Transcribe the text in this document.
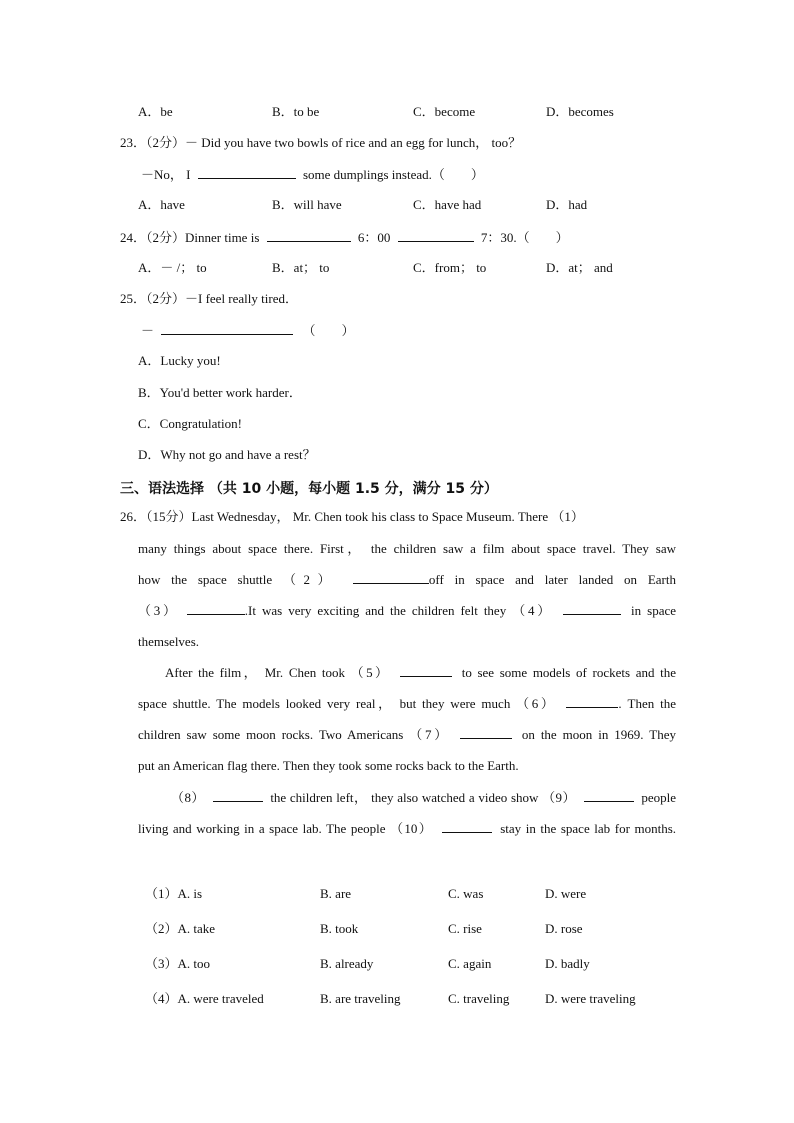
A．be	B．to be	C．become	D．becomes
23．（2分）－ Did you have two bowls of rice and an egg for lunch， too？
－No， I	some dumplings instead.（　　）
A．have	B．will have	C．have had	D．had
24．（2分）Dinner time is	6：00	7：30.（　　）
A．－ /； to	B．at； to	C．from； to	D．at； and
25．（2分）－I feel really tired．
－	（　　）
A．Lucky you!
B．You'd better work harder．
C．Congratulation!
D．Why not go and have a rest？
三、语法选择 （共 10 小题，每小题 1.5 分，满分 15 分）
26．（15分）Last Wednesday， Mr. Chen took his class to Space Museum. There （1）
many things about space there. First， the children saw a film about space travel. They saw
how the space shuttle （2）	off in space and later landed on Earth
（3）	.It was very exciting and the children felt they （4）	in space
themselves.
After the film， Mr. Chen took （5）	to see some models of rockets and the
space shuttle. The models looked very real， but they were much （6）	. Then the
children saw some moon rocks. Two Americans （7）	on the moon in 1969. They
put an American flag there. Then they took some rocks back to the Earth.
（8）	the children left， they also watched a video show （9）	people
living and working in a space lab. The people （10）	stay in the space lab for months.
（1）A. is	B. are	C. was	D. were
（2）A. take	B. took	C. rise	D. rose
（3）A. too	B. already	C. again	D. badly
（4）A. were traveled	B. are traveling	C. traveling	D. were traveling
